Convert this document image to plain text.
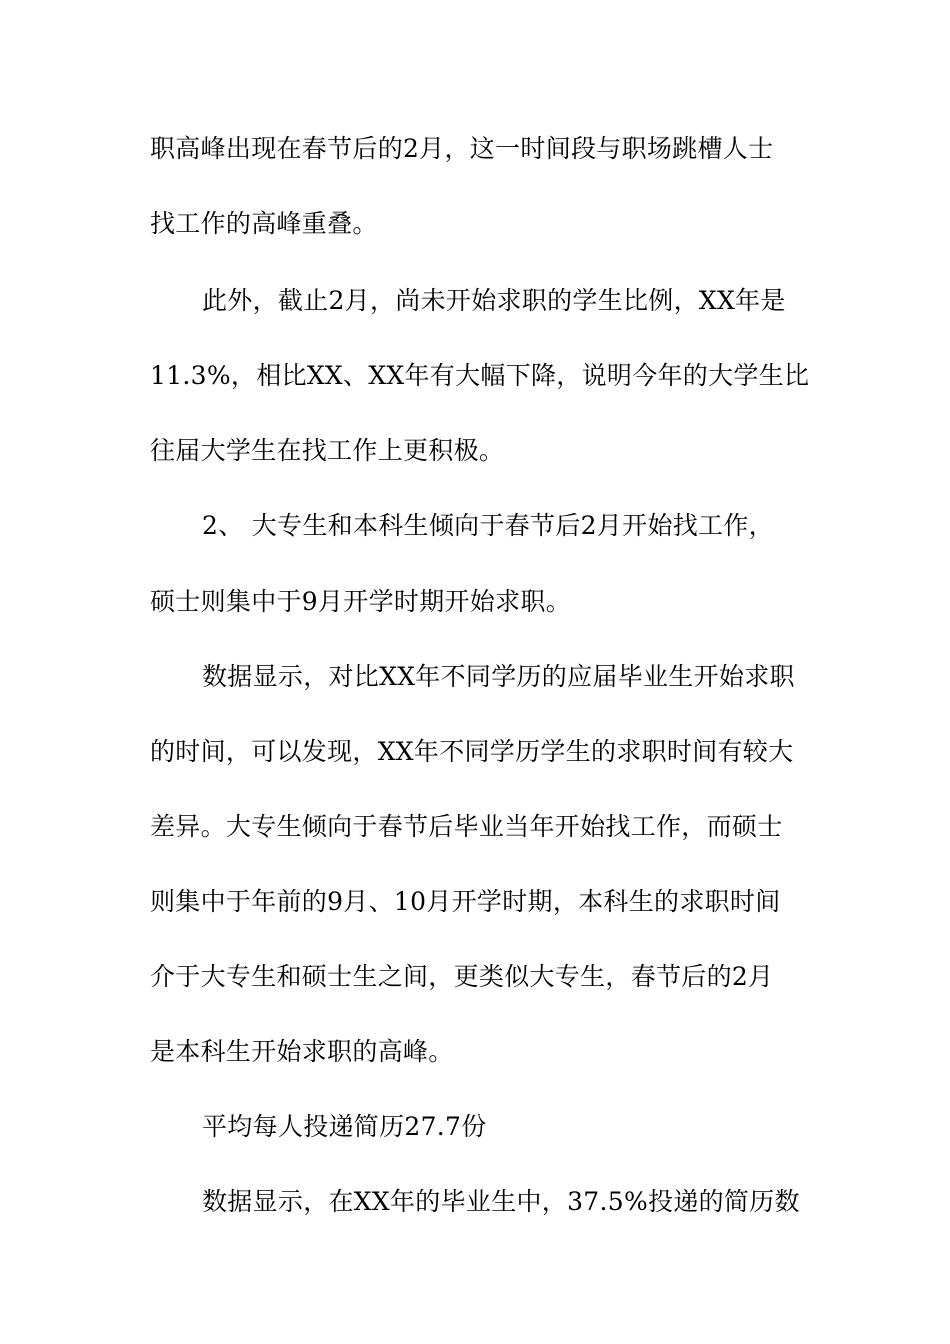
职高峰出现在春节后的2月，这一时间段与职场跳槽人士
找工作的高峰重叠。
此外，截止2月，尚未开始求职的学生比例，XX年是
11.3%，相比XX、XX年有大幅下降，说明今年的大学生比
往届大学生在找工作上更积极。
2、 大专生和本科生倾向于春节后2月开始找工作，
硕士则集中于9月开学时期开始求职。
数据显示，对比XX年不同学历的应届毕业生开始求职
的时间，可以发现，XX年不同学历学生的求职时间有较大
差异。大专生倾向于春节后毕业当年开始找工作，而硕士
则集中于年前的9月、10月开学时期，本科生的求职时间
介于大专生和硕士生之间，更类似大专生，春节后的2月
是本科生开始求职的高峰。
平均每人投递简历27.7份
数据显示，在XX年的毕业生中，37.5%投递的简历数
